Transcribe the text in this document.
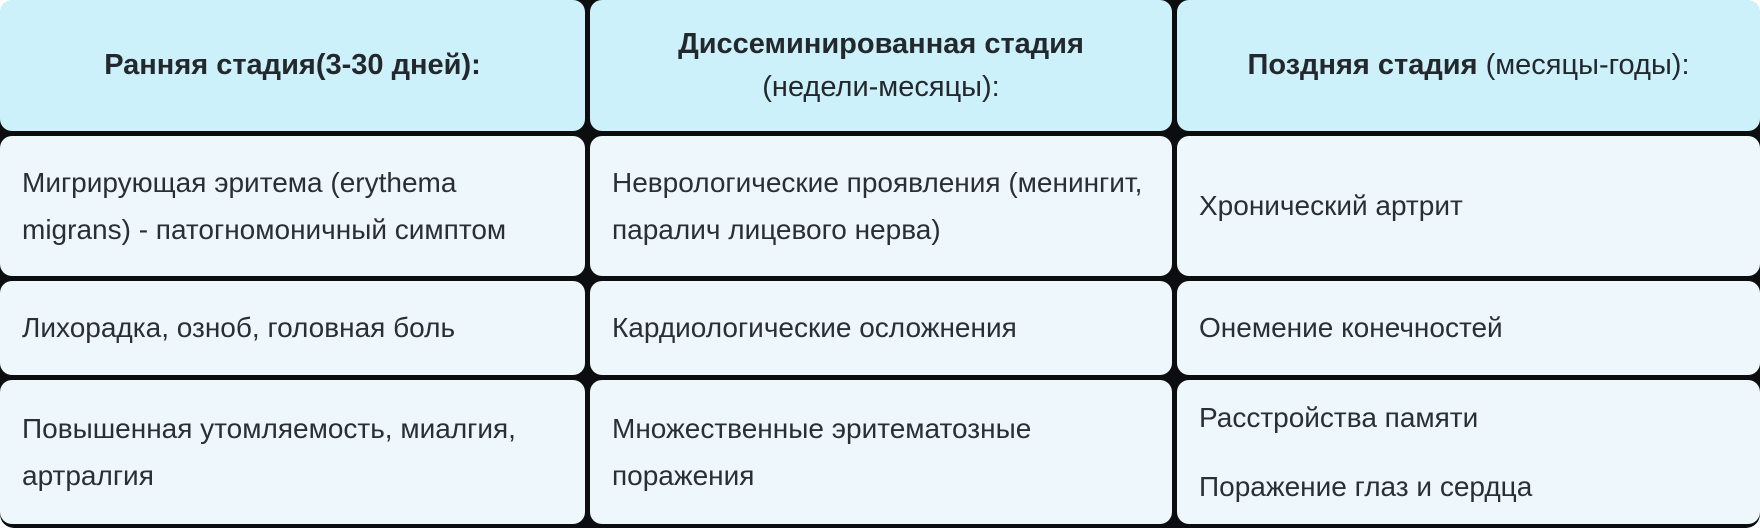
Ранняя стадия(3-30 дней):
Диссеминированная стадия
(недели-месяцы):
Поздняя стадия (месяцы-годы):

Мигрирующая эритема (erythema migrans) - патогномоничный симптом

Неврологические проявления (менингит, паралич лицевого нерва)

Хронический артрит

Лихорадка, озноб, головная боль	Кардиологические осложнения	Онемение конечностей

Повышенная утомляемость, миалгия, артралгия

Множественные эритематозные поражения

Расстройства памяти

Поражение глаз и сердца
